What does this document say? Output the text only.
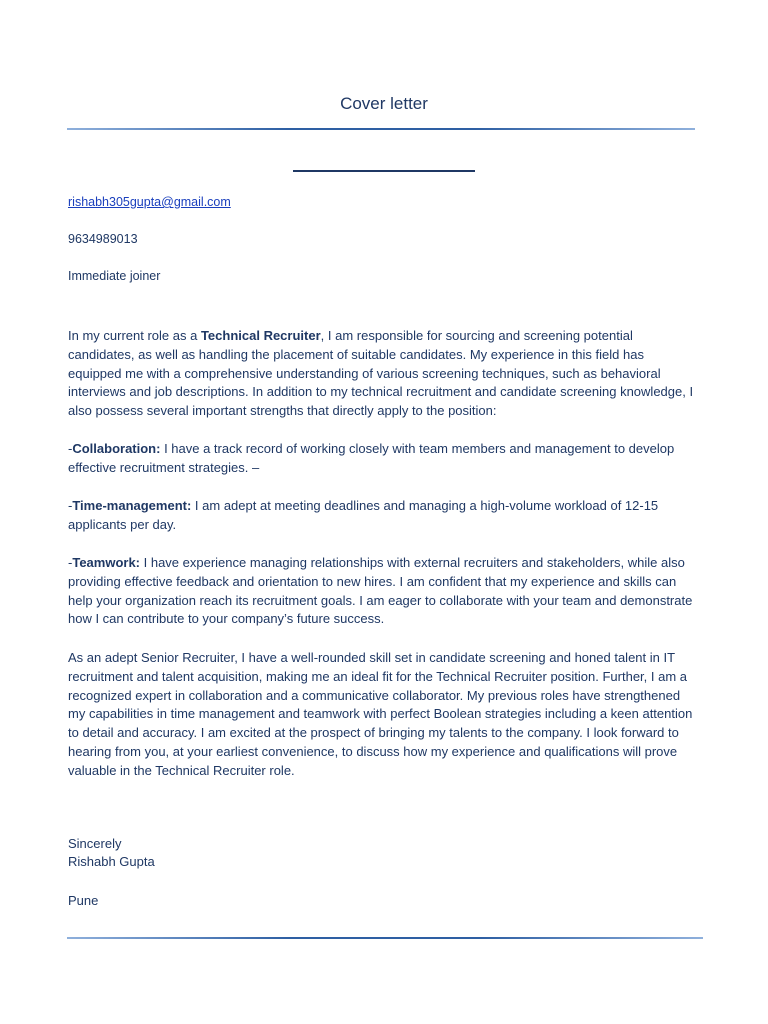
Cover letter
rishabh305gupta@gmail.com
9634989013
Immediate joiner

In my current role as a Technical Recruiter, I am responsible for sourcing and screening potential candidates, as well as handling the placement of suitable candidates. My experience in this field has equipped me with a comprehensive understanding of various screening techniques, such as behavioral interviews and job descriptions. In addition to my technical recruitment and candidate screening knowledge, I also possess several important strengths that directly apply to the position:

-Collaboration: I have a track record of working closely with team members and management to develop effective recruitment strategies. –

-Time-management: I am adept at meeting deadlines and managing a high-volume workload of 12-15 applicants per day.

-Teamwork: I have experience managing relationships with external recruiters and stakeholders, while also providing effective feedback and orientation to new hires. I am confident that my experience and skills can help your organization reach its recruitment goals. I am eager to collaborate with your team and demonstrate how I can contribute to your company’s future success.

As an adept Senior Recruiter, I have a well-rounded skill set in candidate screening and honed talent in IT recruitment and talent acquisition, making me an ideal fit for the Technical Recruiter position. Further, I am a recognized expert in collaboration and a communicative collaborator. My previous roles have strengthened my capabilities in time management and teamwork with perfect Boolean strategies including a keen attention to detail and accuracy. I am excited at the prospect of bringing my talents to the company. I look forward to hearing from you, at your earliest convenience, to discuss how my experience and qualifications will prove valuable in the Technical Recruiter role.

Sincerely
Rishabh Gupta
Pune
